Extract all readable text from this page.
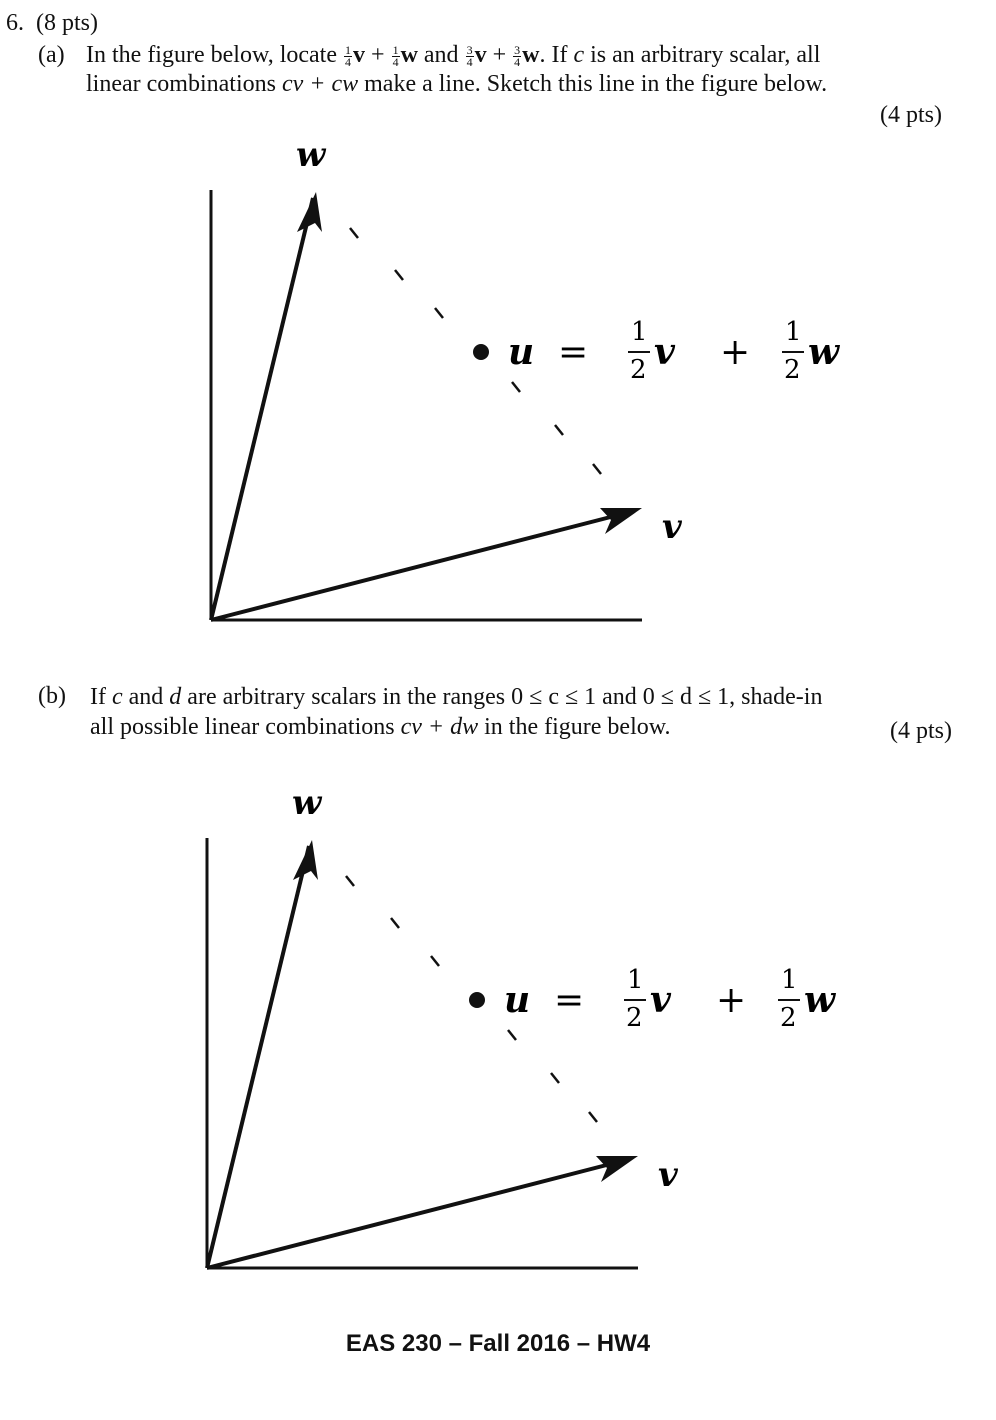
6. (8 pts)
(a) In the figure below, locate $\frac{1}{4}$ $v + \frac{1}{4}$ w and $\frac{3}{4}$ $v + \frac{3}{4} w$. If c is an arbitrary scalar, all
linear combinations cv + cw make a line. Sketch this line in the figure below.
(4 pts)
w
v
u = 1
2 v + 1
2 w
(b) If c and d are arbitrary scalars in the ranges 0 ≤ c ≤ 1 and 0 ≤ d ≤ 1, shade-in
all possible linear combinations cv + dw in the figure below.	(4 pts)
w
v
u = 1
2 v + 1
2 w
EAS 230 – Fall 2016 – HW4
